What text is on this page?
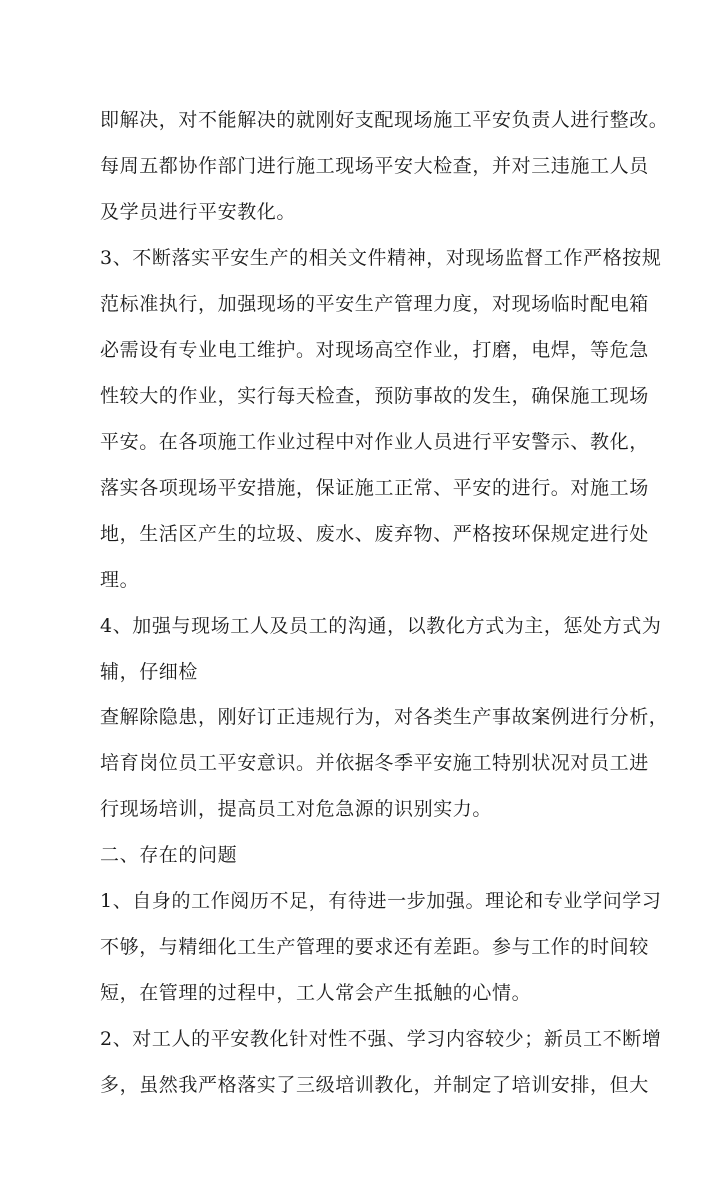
即解决，对不能解决的就刚好支配现场施工平安负责人进行整改。
每周五都协作部门进行施工现场平安大检查，并对三违施工人员
及学员进行平安教化。
3、不断落实平安生产的相关文件精神，对现场监督工作严格按规
范标准执行，加强现场的平安生产管理力度，对现场临时配电箱
必需设有专业电工维护。对现场高空作业，打磨，电焊，等危急
性较大的作业，实行每天检查，预防事故的发生，确保施工现场
平安。在各项施工作业过程中对作业人员进行平安警示、教化，
落实各项现场平安措施，保证施工正常、平安的进行。对施工场
地，生活区产生的垃圾、废水、废弃物、严格按环保规定进行处
理。
4、加强与现场工人及员工的沟通，以教化方式为主，惩处方式为
辅，仔细检
查解除隐患，刚好订正违规行为，对各类生产事故案例进行分析，
培育岗位员工平安意识。并依据冬季平安施工特别状况对员工进
行现场培训，提高员工对危急源的识别实力。
二、存在的问题
1、自身的工作阅历不足，有待进一步加强。理论和专业学问学习
不够，与精细化工生产管理的要求还有差距。参与工作的时间较
短，在管理的过程中，工人常会产生抵触的心情。
2、对工人的平安教化针对性不强、学习内容较少；新员工不断增
多，虽然我严格落实了三级培训教化，并制定了培训安排，但大
